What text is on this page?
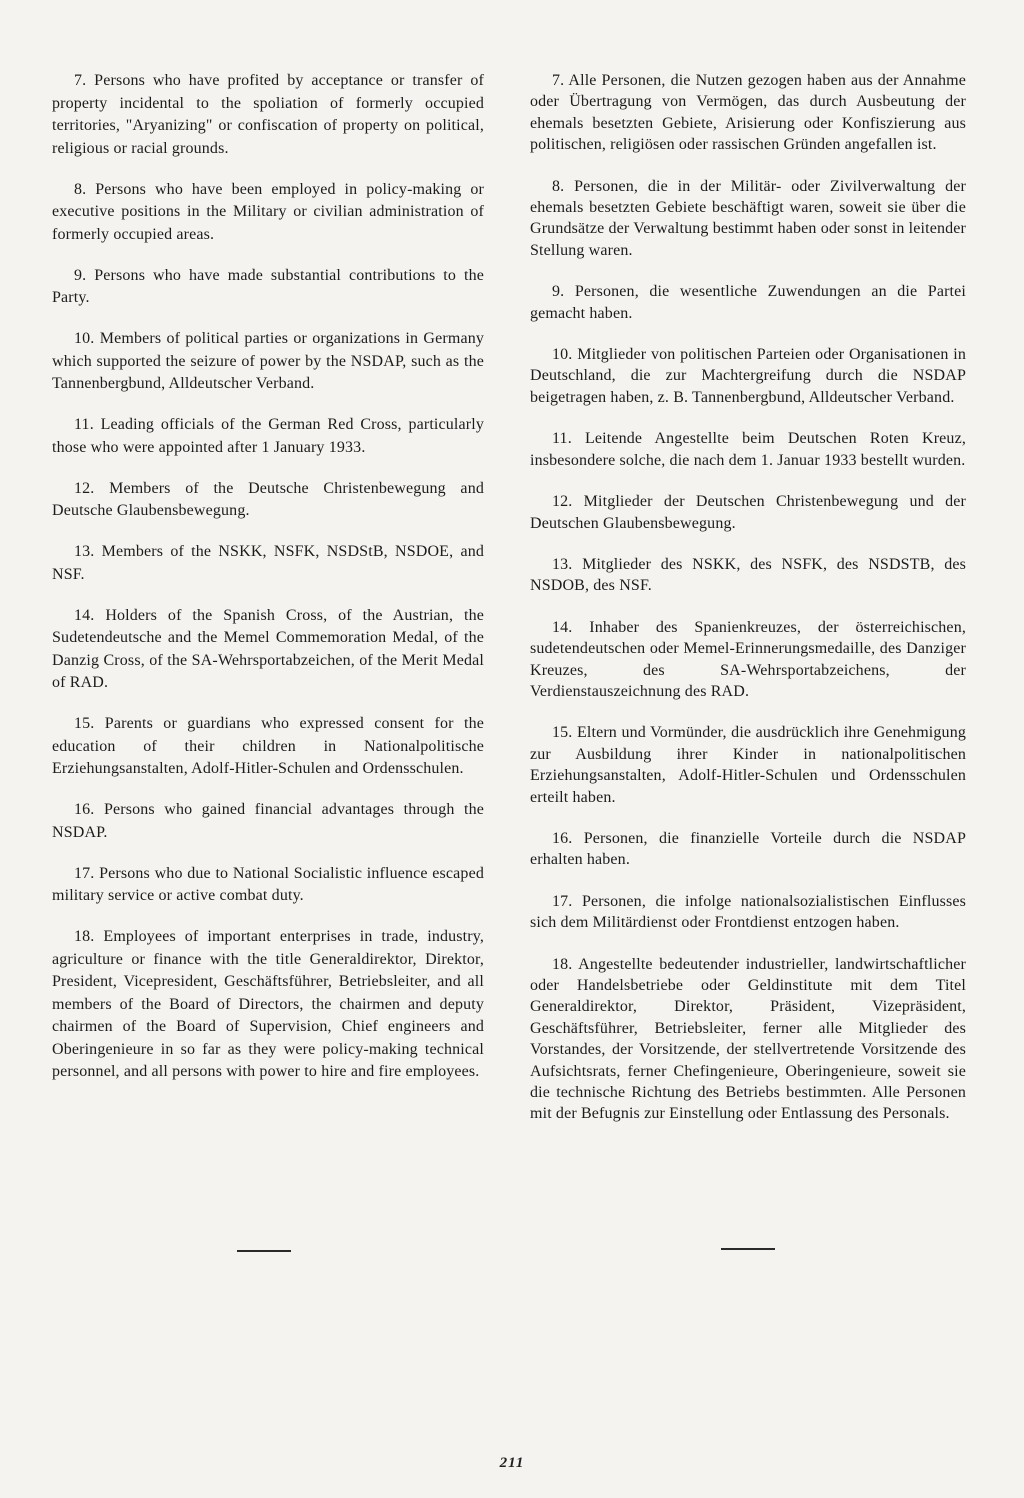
7. Persons who have profited by acceptance or transfer of property incidental to the spoliation of formerly occupied territories, "Aryanizing" or confiscation of property on political, religious or racial grounds.

8. Persons who have been employed in policy-making or executive positions in the Military or civilian administration of formerly occupied areas.

9. Persons who have made substantial contributions to the Party.

10. Members of political parties or organizations in Germany which supported the seizure of power by the NSDAP, such as the Tannenbergbund, Alldeutscher Verband.

11. Leading officials of the German Red Cross, particularly those who were appointed after 1 January 1933.

12. Members of the Deutsche Christenbewegung and Deutsche Glaubensbewegung.

13. Members of the NSKK, NSFK, NSDStB, NSDOE, and NSF.

14. Holders of the Spanish Cross, of the Austrian, the Sudetendeutsche and the Memel Commemoration Medal, of the Danzig Cross, of the SA-Wehrsportabzeichen, of the Merit Medal of RAD.

15. Parents or guardians who expressed consent for the education of their children in Nationalpolitische Erziehungsanstalten, Adolf-Hitler-Schulen and Ordensschulen.

16. Persons who gained financial advantages through the NSDAP.

17. Persons who due to National Socialistic influence escaped military service or active combat duty.

18. Employees of important enterprises in trade, industry, agriculture or finance with the title Generaldirektor, Direktor, President, Vicepresident, Geschäftsführer, Betriebsleiter, and all members of the Board of Directors, the chairmen and deputy chairmen of the Board of Supervision, Chief engineers and Oberingenieure in so far as they were policy-making technical personnel, and all persons with power to hire and fire employees.

7. Alle Personen, die Nutzen gezogen haben aus der Annahme oder Übertragung von Vermögen, das durch Ausbeutung der ehemals besetzten Gebiete, Arisierung oder Konfiszierung aus politischen, religiösen oder rassischen Gründen angefallen ist.

8. Personen, die in der Militär- oder Zivilverwaltung der ehemals besetzten Gebiete beschäftigt waren, soweit sie über die Grundsätze der Verwaltung bestimmt haben oder sonst in leitender Stellung waren.

9. Personen, die wesentliche Zuwendungen an die Partei gemacht haben.

10. Mitglieder von politischen Parteien oder Organisationen in Deutschland, die zur Machtergreifung durch die NSDAP beigetragen haben, z. B. Tannenbergbund, Alldeutscher Verband.

11. Leitende Angestellte beim Deutschen Roten Kreuz, insbesondere solche, die nach dem 1. Januar 1933 bestellt wurden.

12. Mitglieder der Deutschen Christenbewegung und der Deutschen Glaubensbewegung.

13. Mitglieder des NSKK, des NSFK, des NSDSTB, des NSDOB, des NSF.

14. Inhaber des Spanienkreuzes, der österreichischen, sudetendeutschen oder Memel-Erinnerungsmedaille, des Danziger Kreuzes, des SA-Wehrsportabzeichens, der Verdienstauszeichnung des RAD.

15. Eltern und Vormünder, die ausdrücklich ihre Genehmigung zur Ausbildung ihrer Kinder in nationalpolitischen Erziehungsanstalten, Adolf-Hitler-Schulen und Ordensschulen erteilt haben.

16. Personen, die finanzielle Vorteile durch die NSDAP erhalten haben.

17. Personen, die infolge nationalsozialistischen Einflusses sich dem Militärdienst oder Frontdienst entzogen haben.

18. Angestellte bedeutender industrieller, landwirtschaftlicher oder Handelsbetriebe oder Geldinstitute mit dem Titel Generaldirektor, Direktor, Präsident, Vizepräsident, Geschäftsführer, Betriebsleiter, ferner alle Mitglieder des Vorstandes, der Vorsitzende, der stellvertretende Vorsitzende des Aufsichtsrats, ferner Chefingenieure, Oberingenieure, soweit sie die technische Richtung des Betriebs bestimmten. Alle Personen mit der Befugnis zur Einstellung oder Entlassung des Personals.

211
